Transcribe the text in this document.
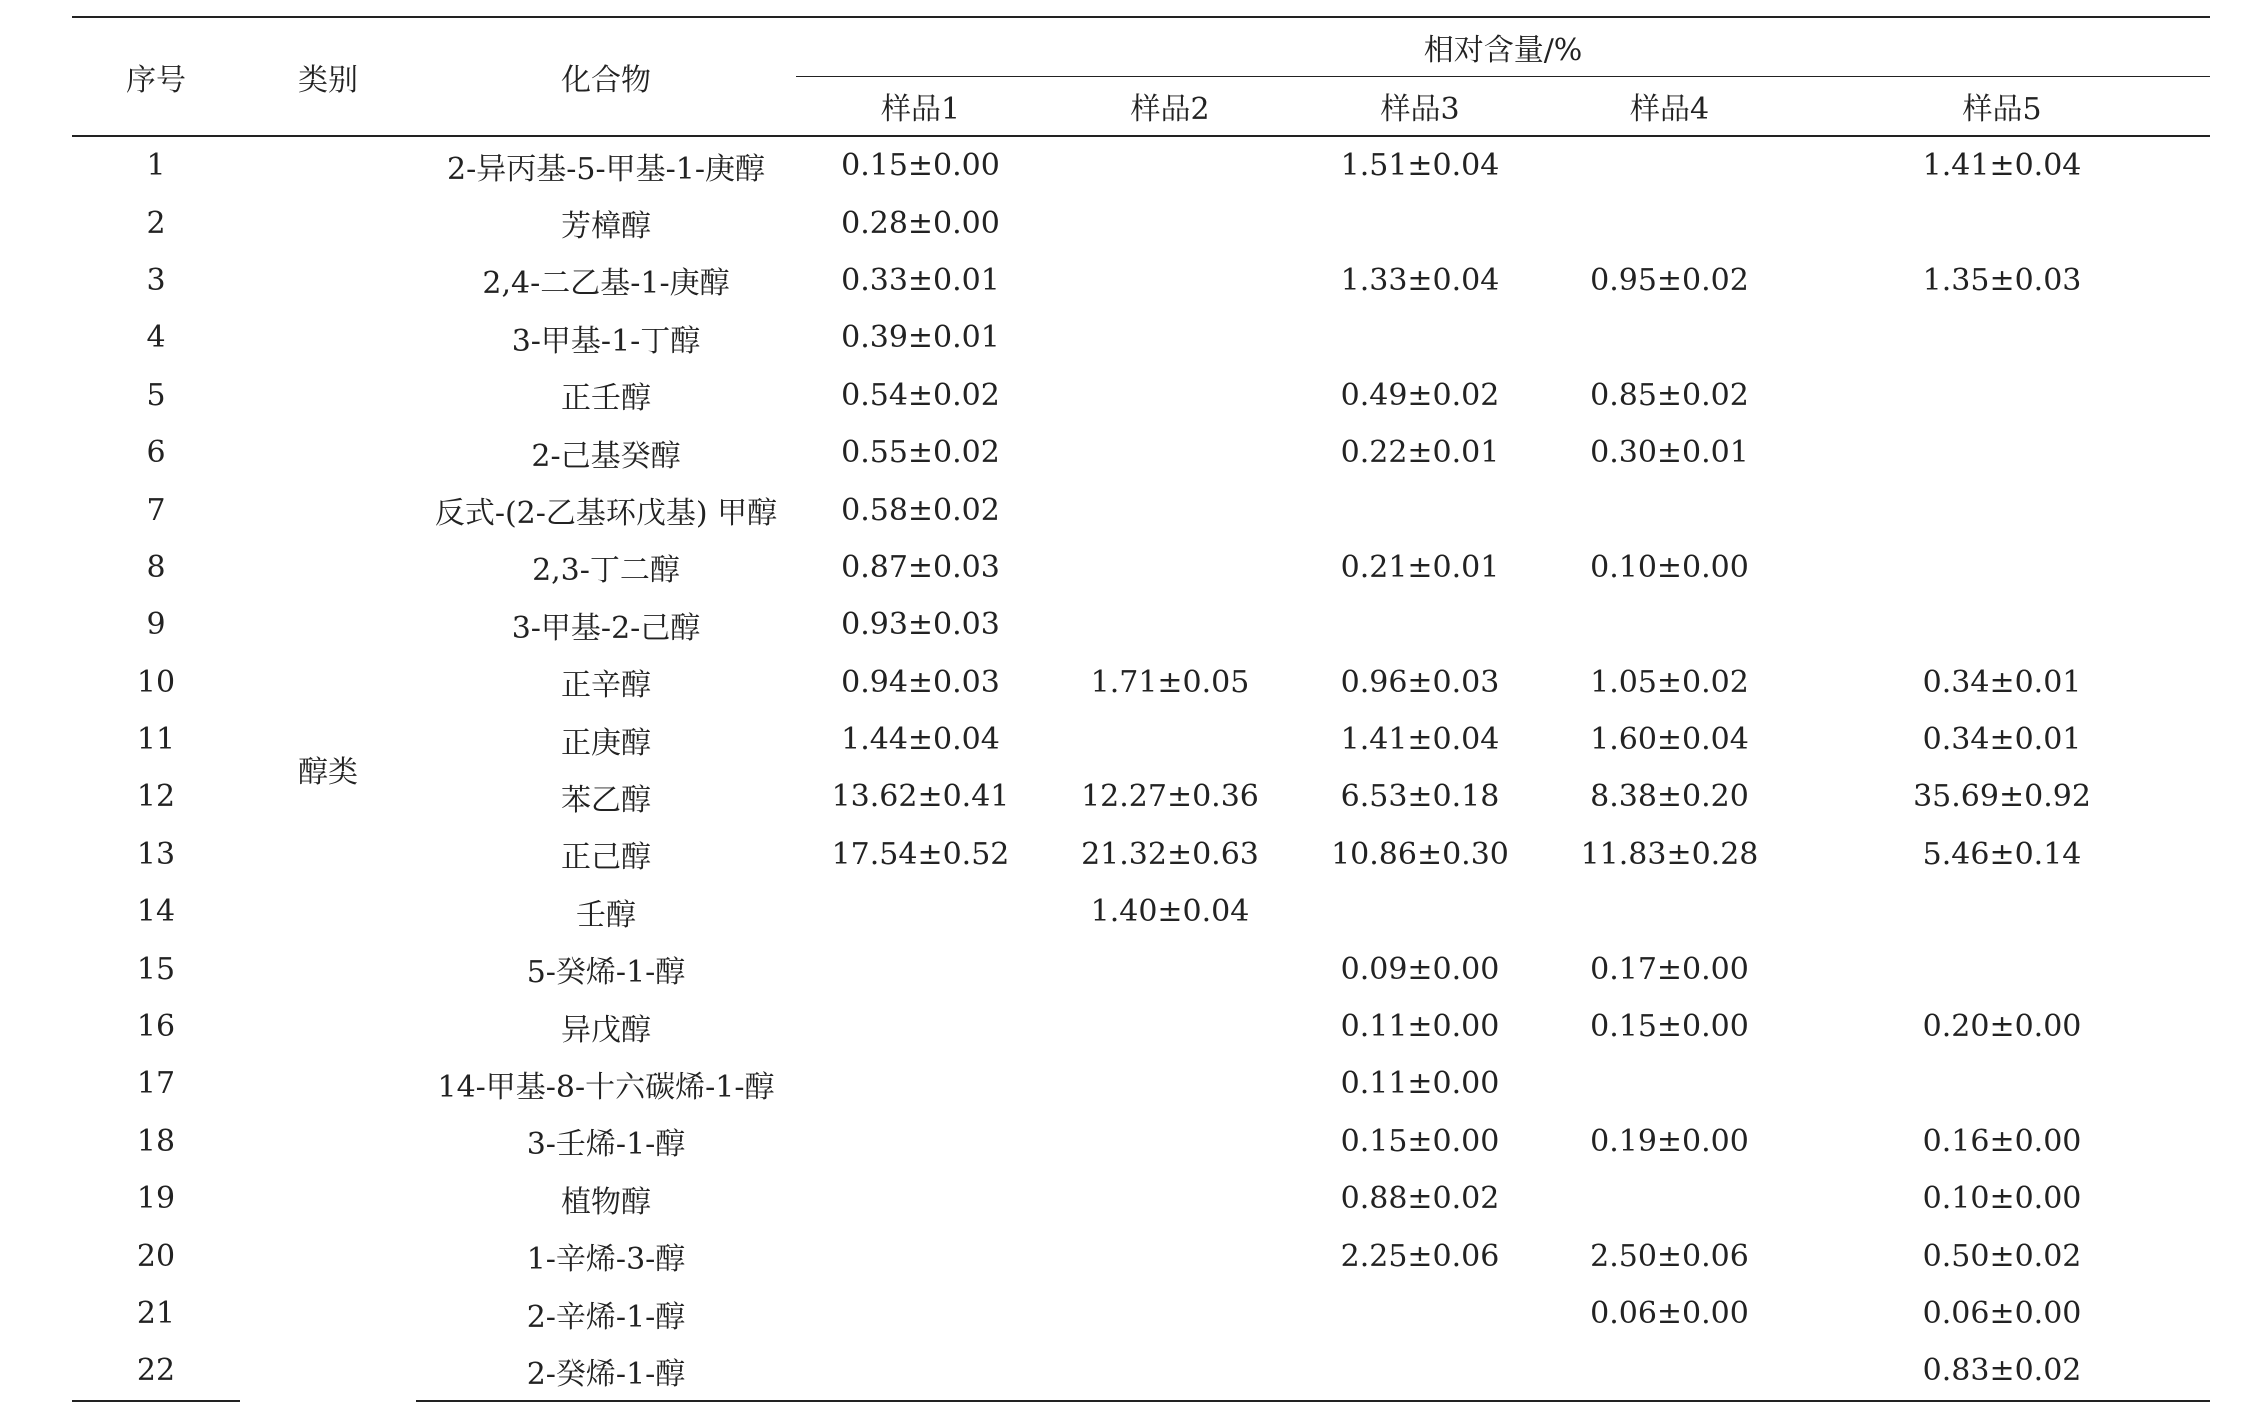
序号	类别	化合物	相对含量/%				
			样品1	样品2	样品3	样品4	样品5
1	醇类	2-异丙基-5-甲基-1-庚醇	0.15±0.00		1.51±0.04		1.41±0.04
2		芳樟醇	0.28±0.00				
3		2,4-二乙基-1-庚醇	0.33±0.01		1.33±0.04	0.95±0.02	1.35±0.03
4		3-甲基-1-丁醇	0.39±0.01				
5		正壬醇	0.54±0.02		0.49±0.02	0.85±0.02	
6		2-己基癸醇	0.55±0.02		0.22±0.01	0.30±0.01	
7		反式-(2-乙基环戊基) 甲醇	0.58±0.02				
8		2,3-丁二醇	0.87±0.03		0.21±0.01	0.10±0.00	
9		3-甲基-2-己醇	0.93±0.03				
10		正辛醇	0.94±0.03	1.71±0.05	0.96±0.03	1.05±0.02	0.34±0.01
11		正庚醇	1.44±0.04		1.41±0.04	1.60±0.04	0.34±0.01
12		苯乙醇	13.62±0.41	12.27±0.36	6.53±0.18	8.38±0.20	35.69±0.92
13		正己醇	17.54±0.52	21.32±0.63	10.86±0.30	11.83±0.28	5.46±0.14
14		壬醇		1.40±0.04			
15		5-癸烯-1-醇			0.09±0.00	0.17±0.00	
16		异戊醇			0.11±0.00	0.15±0.00	0.20±0.00
17		14-甲基-8-十六碳烯-1-醇			0.11±0.00		
18		3-壬烯-1-醇			0.15±0.00	0.19±0.00	0.16±0.00
19		植物醇			0.88±0.02		0.10±0.00
20		1-辛烯-3-醇			2.25±0.06	2.50±0.06	0.50±0.02
21		2-辛烯-1-醇				0.06±0.00	0.06±0.00
22		2-癸烯-1-醇					0.83±0.02
